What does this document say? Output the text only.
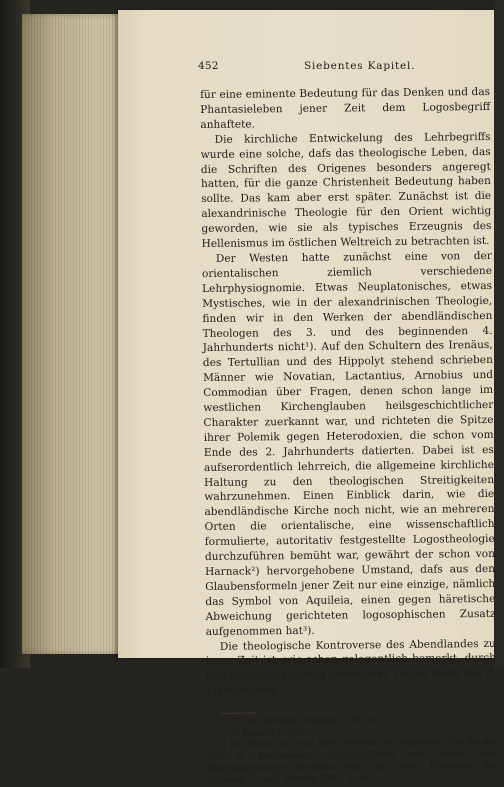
452	Siebentes Kapitel.

für eine eminente Bedeutung für das Denken und das Phantasieleben jener Zeit dem Logosbegriff anhaftete.

Die kirchliche Entwickelung des Lehrbegriffs wurde eine solche, dafs das theologische Leben, das die Schriften des Origenes besonders angeregt hatten, für die ganze Christenheit Bedeutung haben sollte. Das kam aber erst später. Zunächst ist die alexandrinische Theologie für den Orient wichtig geworden, wie sie als typisches Erzeugnis des Hellenismus im östlichen Weltreich zu betrachten ist.

Der Westen hatte zunächst eine von der orientalischen ziemlich verschiedene Lehrphysiognomie. Etwas Neuplatonisches, etwas Mystisches, wie in der alexandrinischen Theologie, finden wir in den Werken der abendländischen Theologen des 3. und des beginnenden 4. Jahrhunderts nicht¹). Auf den Schultern des Irenäus, des Tertullian und des Hippolyt stehend schrieben Männer wie Novatian, Lactantius, Arnobius und Commodian über Fragen, denen schon lange im westlichen Kirchenglauben heilsgeschichtlicher Charakter zuerkannt war, und richteten die Spitze ihrer Polemik gegen Heterodoxien, die schon vom Ende des 2. Jahrhunderts datierten. Dabei ist es aufserordentlich lehrreich, die allgemeine kirchliche Haltung zu den theologischen Streitigkeiten wahrzunehmen. Einen Einblick darin, wie die abendländische Kirche noch nicht, wie an mehreren Orten die orientalische, eine wissenschaftlich formulierte, autoritativ festgestellte Logostheologie durchzuführen bemüht war, gewährt der schon von Harnack²) hervorgehobene Umstand, dafs aus den Glaubensformeln jener Zeit nur eine einzige, nämlich das Symbol von Aquileia, einen gegen häretische Abweichung gerichteten logosophischen Zusatz aufgenommen hat³).

Die theologische Kontroverse des Abendlandes zu jener Zeit ist, wie schon gelegentlich bemerkt, durch den Monarchianismus bezeichnet. Gegen Ende des 2. Jahrhunderts

¹) Vgl. Harnack, Dogmg. I, 623 fg.

²) Ebenda I, 621.

³) Die Worte von Gott Vater invisibili et impassibili, die bis auf das 3. Jahrhundert zurückzuführen und gegen den Patripassianismus gerichtet sind. Vgl. Hahn, Bibliothek der Symbole. 3. Aufl. Breslau 1897. S. 42.
